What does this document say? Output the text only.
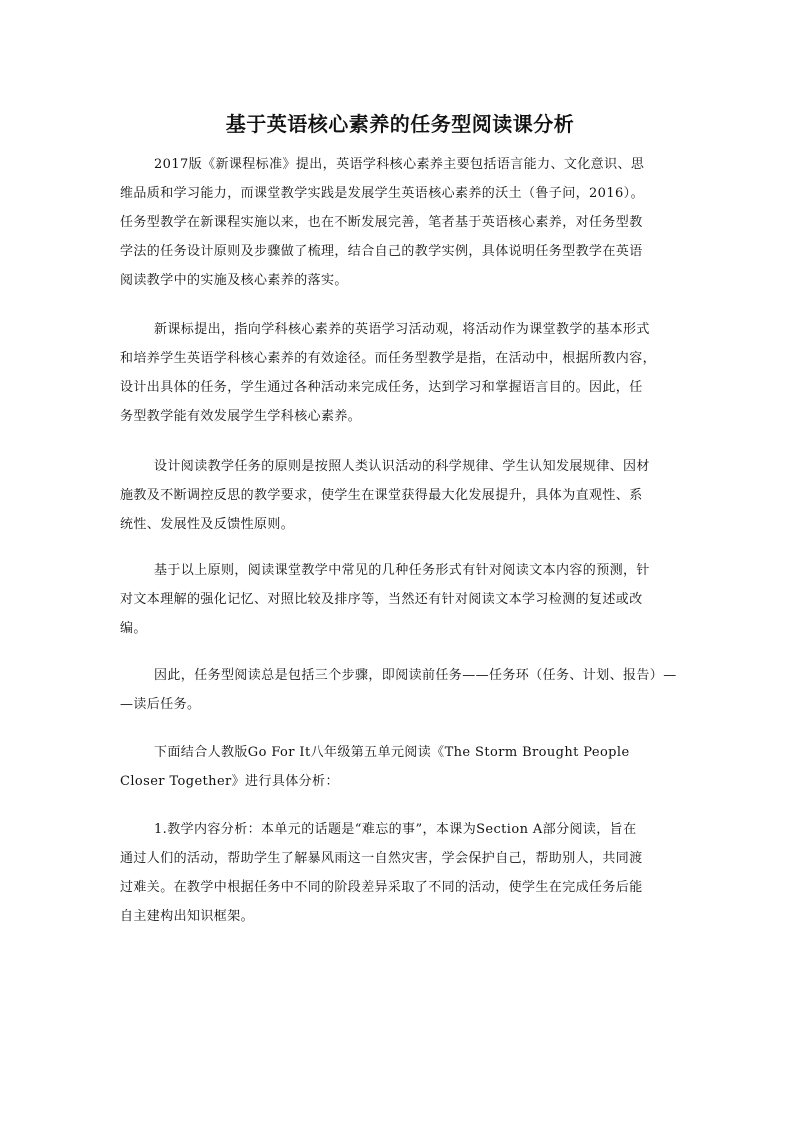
基于英语核心素养的任务型阅读课分析
2017版《新课程标准》提出，英语学科核心素养主要包括语言能力、文化意识、思
维品质和学习能力，而课堂教学实践是发展学生英语核心素养的沃土（鲁子问，2016）。
任务型教学在新课程实施以来，也在不断发展完善，笔者基于英语核心素养，对任务型教
学法的任务设计原则及步骤做了梳理，结合自己的教学实例，具体说明任务型教学在英语
阅读教学中的实施及核心素养的落实。
新课标提出，指向学科核心素养的英语学习活动观，将活动作为课堂教学的基本形式
和培养学生英语学科核心素养的有效途径。而任务型教学是指，在活动中，根据所教内容，
设计出具体的任务，学生通过各种活动来完成任务，达到学习和掌握语言目的。因此，任
务型教学能有效发展学生学科核心素养。
设计阅读教学任务的原则是按照人类认识活动的科学规律、学生认知发展规律、因材
施教及不断调控反思的教学要求，使学生在课堂获得最大化发展提升，具体为直观性、系
统性、发展性及反馈性原则。
基于以上原则，阅读课堂教学中常见的几种任务形式有针对阅读文本内容的预测，针
对文本理解的强化记忆、对照比较及排序等，当然还有针对阅读文本学习检测的复述或改
编。
因此，任务型阅读总是包括三个步骤，即阅读前任务——任务环（任务、计划、报告）—
—读后任务。
下面结合人教版Go For It八年级第五单元阅读《The Storm Brought People
Closer Together》进行具体分析：
1.教学内容分析：本单元的话题是“难忘的事”，本课为Section A部分阅读，旨在
通过人们的活动，帮助学生了解暴风雨这一自然灾害，学会保护自己，帮助别人，共同渡
过难关。在教学中根据任务中不同的阶段差异采取了不同的活动，使学生在完成任务后能
自主建构出知识框架。
